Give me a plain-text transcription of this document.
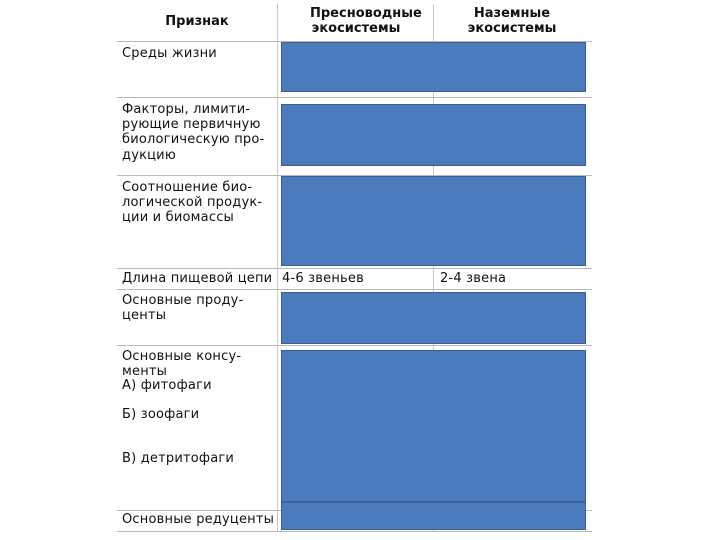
Признак
Пресноводные экосистемы
Наземные экосистемы
Среды жизни
Факторы, лимити-
рующие первичную
биологическую про-
дукцию
Соотношение био-
логической продук-
ции и биомассы
Длина пищевой цепи
Основные проду-
центы
Основные консу-
менты
А) фитофаги

Б) зоофаги

В) детритофаги
Основные редуценты
4-6 звеньев	2-4 звена
